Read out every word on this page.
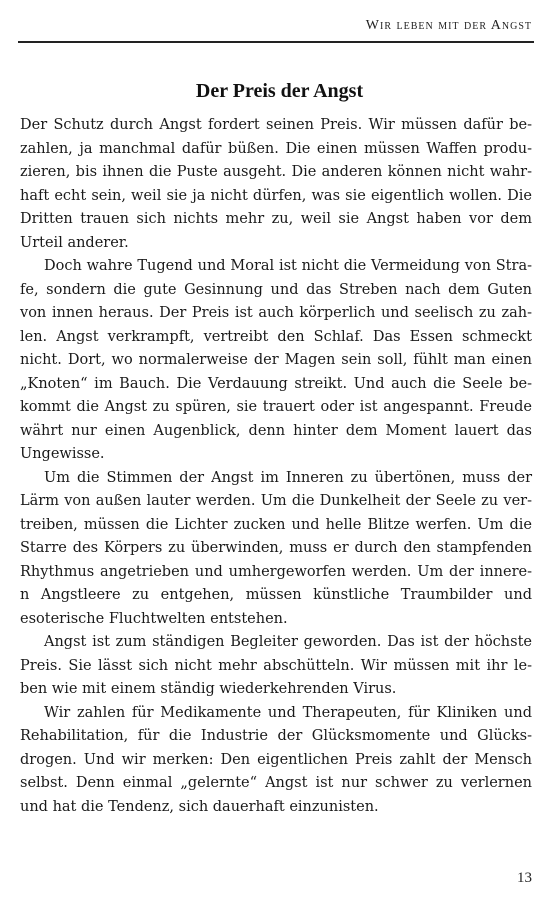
Wir leben mit der Angst
Der Preis der Angst
Der Schutz durch Angst fordert seinen Preis. Wir müssen dafür be -
zahlen, ja manchmal dafür büßen. Die einen müssen Waffen produ -
zieren, bis ihnen die Puste ausgeht. Die anderen können nicht wahr -
haft echt sein, weil sie ja nicht dürfen, was sie eigentlich wollen. Die
Dritten trauen sich nichts mehr zu, weil sie Angst haben vor dem
Urteil anderer.
Doch wahre Tugend und Moral ist nicht die Vermeidung von Stra -
fe, sondern die gute Gesinnung und das Streben nach dem Guten
von innen heraus. Der Preis ist auch körperlich und seelisch zu zah -
len. Angst verkrampft, vertreibt den Schlaf. Das Essen schmeckt
nicht. Dort, wo normalerweise der Magen sein soll, fühlt man einen
„Knoten“ im Bauch. Die Verdauung streikt. Und auch die Seele be -
kommt die Angst zu spüren, sie trauert oder ist angespannt. Freude
währt nur einen Augenblick, denn hinter dem Moment lauert das
Ungewisse.
Um die Stimmen der Angst im Inneren zu übertönen, muss der
Lärm von außen lauter werden. Um die Dunkelheit der Seele zu ver -
treiben, müssen die Lichter zucken und helle Blitze werfen. Um die
Starre des Körpers zu überwinden, muss er durch den stampfenden
Rhythmus angetrieben und umhergeworfen werden. Um der innere -
n Angstleere zu entgehen, müssen künstliche Traumbilder und
esoterische Fluchtwelten entstehen.
Angst ist zum ständigen Begleiter geworden. Das ist der höchste
Preis. Sie lässt sich nicht mehr abschütteln. Wir müssen mit ihr le -
ben wie mit einem ständig wiederkehrenden Virus.
Wir zahlen für Medikamente und Therapeuten, für Kliniken und
Rehabilitation, für die Industrie der Glücksmomente und Glücks -
drogen. Und wir merken: Den eigentlichen Preis zahlt der Mensch
selbst. Denn einmal „gelernte“ Angst ist nur schwer zu verlernen
und hat die Tendenz, sich dauerhaft einzunisten.
13
